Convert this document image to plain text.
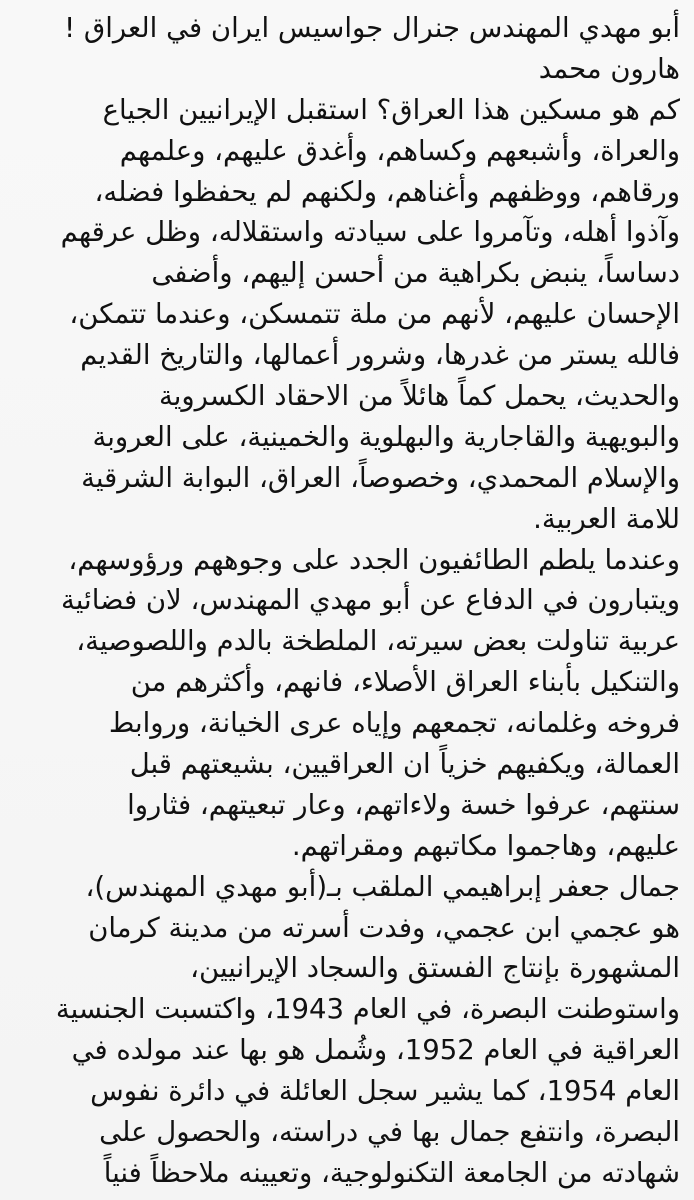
أبو مهدي المهندس جنرال جواسيس ايران في العراق !
هارون محمد
كم هو مسكين هذا العراق؟ استقبل الإيرانيين الجياع
والعراة، وأشبعهم وكساهم، وأغدق عليهم، وعلمهم
ورقاهم، ووظفهم وأغناهم، ولكنهم لم يحفظوا فضله،
وآذوا أهله، وتآمروا على سيادته واستقلاله، وظل عرقهم
دساساً، ينبض بكراهية من أحسن إليهم، وأضفى
الإحسان عليهم، لأنهم من ملة تتمسكن، وعندما تتمكن،
فالله يستر من غدرها، وشرور أعمالها، والتاريخ القديم
والحديث، يحمل كماً هائلاً من الاحقاد الكسروية
والبويهية والقاجارية والبهلوية والخمينية، على العروبة
والإسلام المحمدي، وخصوصاً، العراق، البوابة الشرقية
للامة العربية.
وعندما يلطم الطائفيون الجدد على وجوههم ورؤوسهم،
ويتبارون في الدفاع عن أبو مهدي المهندس، لان فضائية
عربية تناولت بعض سيرته، الملطخة بالدم واللصوصية،
والتنكيل بأبناء العراق الأصلاء، فانهم، وأكثرهم من
فروخه وغلمانه، تجمعهم وإياه عرى الخيانة، وروابط
العمالة، ويكفيهم خزياً ان العراقيين، بشيعتهم قبل
سنتهم، عرفوا خسة ولاءاتهم، وعار تبعيتهم، فثاروا
عليهم، وهاجموا مكاتبهم ومقراتهم.
جمال جعفر إبراهيمي الملقب بـ(أبو مهدي المهندس)،
هو عجمي ابن عجمي، وفدت أسرته من مدينة كرمان
المشهورة بإنتاج الفستق والسجاد الإيرانيين،
واستوطنت البصرة، في العام 1943، واكتسبت الجنسية
العراقية في العام 1952، وشُمل هو بها عند مولده في
العام 1954، كما يشير سجل العائلة في دائرة نفوس
البصرة، وانتفع جمال بها في دراسته، والحصول على
شهادته من الجامعة التكنولوجية، وتعيينه ملاحظاً فنياً
